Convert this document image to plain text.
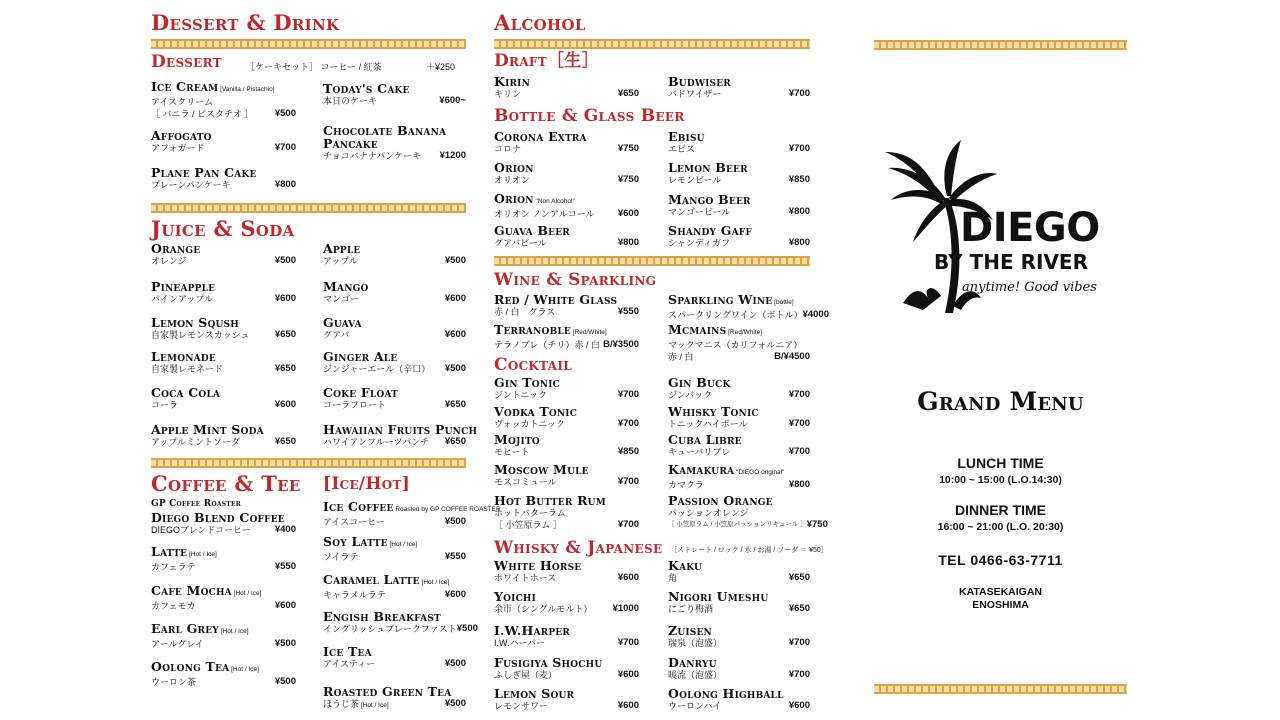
Dessert & Drink
Dessert	［ケーキセット］ コーヒー / 紅茶	＋¥250
Ice Cream [Vanilla / Pistachio]
アイスクリーム
［ バニラ / ピスタチオ ］ ¥500
Affogato
アフォガード	¥700
Plane Pan Cake
プレーンパンケーキ	¥800
Today's Cake
本日のケーキ	¥600~
Chocolate Banana
Pancake
チョコバナナパンケーキ ¥1200
Juice & Soda
Orange
オレンジ	¥500
Pineapple
パインアップル	¥600
Lemon Sqush
自家製レモンスカッシュ	¥650
Lemonade
自家製レモネード	¥650
Coca Cola
コーラ	¥600
Apple Mint Soda
アップルミントソーダ	¥650
Apple
アップル	¥500
Mango
マンゴー	¥600
Guava
グアバ	¥600
Ginger Ale
ジンジャーエール（辛口） ¥500
Coke Float
コーラフロート	¥650
Hawaiian Fruits Punch
ハワイアンフルーツパンチ ¥650
Coffee & Tee [Ice/Hot]
GP Coffee Roaster
Diego Blend Coffee
DIEGOブレンドコーヒー	¥400
Latte [Hot / Ice]
カフェラテ	¥550
Cafe Mocha [Hot / Ice]
カフェモカ	¥600
Earl Grey [Hot / Ice]
アールグレイ	¥500
Oolong Tea [Hot / Ice]
ウーロン茶	¥500
Ice Coffee Roasted by GP COFFEE ROASTER
アイスコーヒー	¥500
Soy Latte [Hot / Ice]
ソイラテ	¥550
Caramel Latte [Hot / Ice]
キャラメルラテ	¥600
Engish Breakfast
イングリッシュブレークファスト ¥500
Ice Tea
アイスティー	¥500
Roasted Green Tea
ほうじ茶 [Hot / Ice]	¥500
Alcohol
Draft［生］
Bottle & Glass Beer
Wine & Sparkling
Cocktail
Whisky & Japanese ［ストレート / ロック / 水 / お湯 / ソーダ ＝ ¥50］
Kirin
キリン	¥650
Budwiser
バドワイザー	¥700
Corona Extra
コロナ	¥750
Orion
オリオン	¥750
Orion "Non Alcohol"
オリオン ノンアルコール ¥600
Guava Beer
グアバビール	¥800
Ebisu
エビス	¥700
Lemon Beer
レモンビール	¥850
Mango Beer
マンゴービール	¥800
Shandy Gaff
シャンディガフ	¥800
Red / White Glass
赤 / 白　グラス	¥550
Terranoble [Red/White]
テラノブレ（チリ）赤 / 白 B/¥3500
Sparkling Wine [bottle]
スパークリングワイン（ボトル） ¥4000
Mcmains [Red/White]
マックマニス（カリフォルニア）
赤 / 白	B/¥4500
Gin Tonic
ジントニック	¥700
Vodka Tonic
ヴォッカトニック	¥700
Mojito
モヒート	¥850
Moscow Mule
モスコミュール	¥700
Hot Butter Rum
ホットバターラム
［ 小笠原ラム ］	¥700
Gin Buck
ジンバック	¥700
Whisky Tonic
トニックハイボール	¥700
Cuba Libre
キューバリブレ	¥700
Kamakura "DIEGO original"
カマクラ	¥800
Passion Orange
パッションオレンジ
［ 小笠原ラム / 小笠原パッションリキュール ］ ¥750
White Horse
ホワイトホース	¥600
Yoichi
余市（シングルモルト） ¥1000
I.W.Harper
I.W.ハーパー	¥700
Fusigiya Shochu
ふしぎ屋（麦）	¥600
Lemon Sour
レモンサワー	¥600
Kaku
角	¥650
Nigori Umeshu
にごり梅酒	¥650
Zuisen
瑞泉（泡盛）	¥700
Danryu
暖流（泡盛）	¥700
Oolong Highball
ウーロンハイ	¥600
DIEGO
BY THE RIVER
anytime! Good vibes
Grand Menu
LUNCH TIME
10:00 ~ 15:00 (L.O.14:30)
DINNER TIME
16:00 ~ 21:00 (L.O. 20:30)
TEL 0466-63-7711
KATASEKAIGAN
ENOSHIMA
